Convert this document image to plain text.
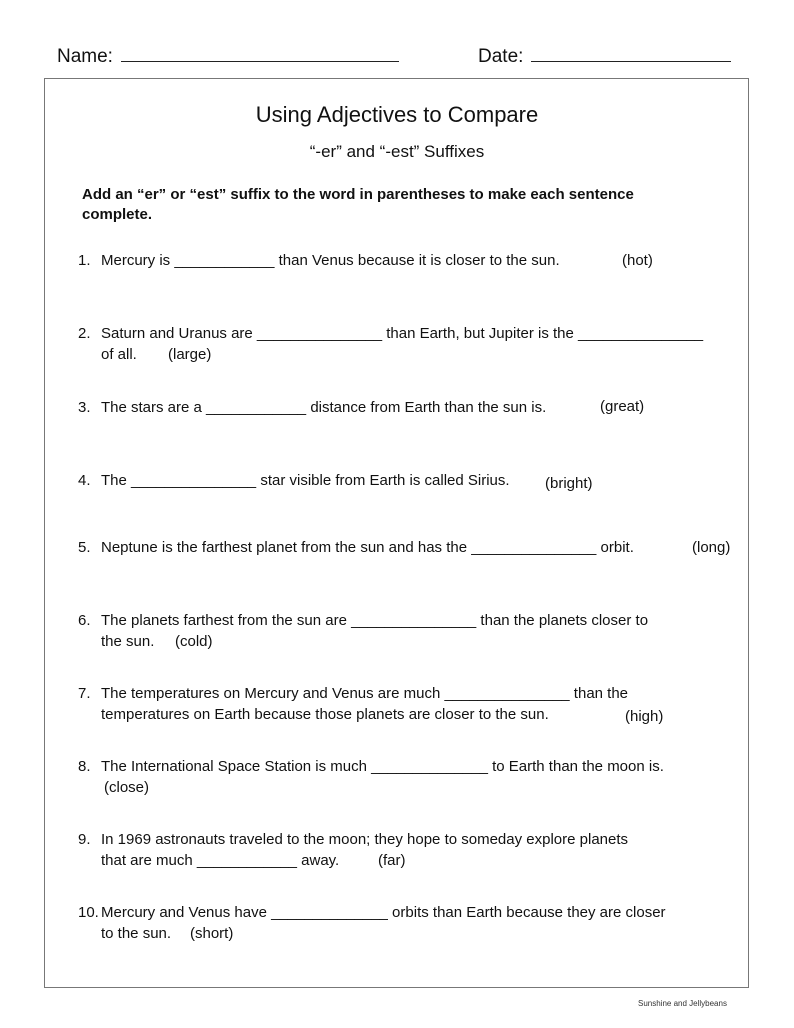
Name:	Date:
Using Adjectives to Compare
“-er” and “-est” Suffixes
Add an “er” or “est” suffix to the word in parentheses to make each sentence complete.
1. Mercury is ____________ than Venus because it is closer to the sun.	(hot)
2. Saturn and Uranus are _______________ than Earth, but Jupiter is the _______________
of all. (large)
3. The stars are a ____________ distance from Earth than the sun is.	(great)
4. The _______________ star visible from Earth is called Sirius. (bright)
5. Neptune is the farthest planet from the sun and has the _______________ orbit.	(long)
6. The planets farthest from the sun are _______________ than the planets closer to
the sun. (cold)
7. The temperatures on Mercury and Venus are much _______________ than the
temperatures on Earth because those planets are closer to the sun.	(high)
8. The International Space Station is much ______________ to Earth than the moon is.
(close)
9. In 1969 astronauts traveled to the moon; they hope to someday explore planets
that are much ____________ away.	(far)
10. Mercury and Venus have ______________ orbits than Earth because they are closer
to the sun. (short)
Sunshine and Jellybeans
